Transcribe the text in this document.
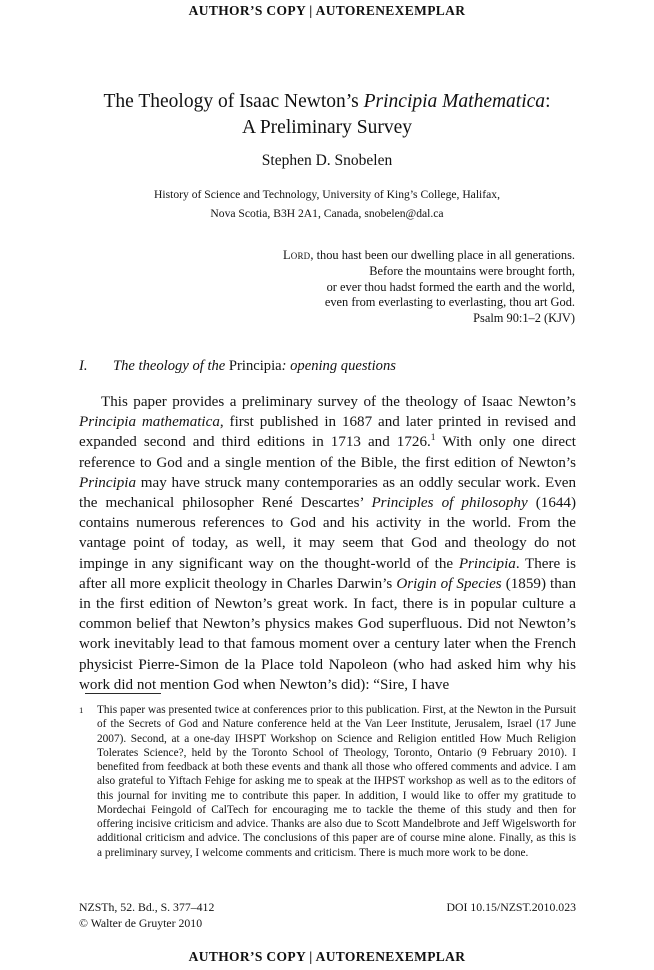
AUTHOR’S COPY | AUTORENEXEMPLAR
The Theology of Isaac Newton’s Principia Mathematica:
A Preliminary Survey
Stephen D. Snobelen
History of Science and Technology, University of King’s College, Halifax,
Nova Scotia, B3H 2A1, Canada, snobelen@dal.ca
Lord, thou hast been our dwelling place in all generations.
Before the mountains were brought forth,
or ever thou hadst formed the earth and the world,
even from everlasting to everlasting, thou art God.
Psalm 90:1–2 (KJV)
I. The theology of the Principia: opening questions
This paper provides a preliminary survey of the theology of Isaac Newton’s Principia mathematica, first published in 1687 and later printed in revised and expanded second and third editions in 1713 and 1726.$^1$ With only one direct reference to God and a single mention of the Bible, the first edition of Newton’s Principia may have struck many contemporaries as an oddly secular work. Even the mechanical philosopher René Descartes’ Principles of philosophy (1644) contains numerous references to God and his activity in the world. From the vantage point of today, as well, it may seem that God and theology do not impinge in any significant way on the thought-world of the Principia. There is after all more explicit theology in Charles Darwin’s Origin of Species (1859) than in the first edition of Newton’s great work. In fact, there is in popular culture a common belief that Newton’s physics makes God superfluous. Did not Newton’s work inevitably lead to that famous moment over a century later when the French physicist Pierre-Simon de la Place told Napoleon (who had asked him why his work did not mention God when Newton’s did): “Sire, I have
1	This paper was presented twice at conferences prior to this publication. First, at the Newton in the Pursuit of the Secrets of God and Nature conference held at the Van Leer Institute, Jerusalem, Israel (17 June 2007). Second, at a one-day IHSPT Workshop on Science and Religion entitled How Much Religion Tolerates Science?, held by the Toronto School of Theology, Toronto, Ontario (9 February 2010). I benefited from feedback at both these events and thank all those who offered comments and advice. I am also grateful to Yiftach Fehige for asking me to speak at the IHPST workshop as well as to the editors of this journal for inviting me to contribute this paper. In addition, I would like to offer my gratitude to Mordechai Feingold of CalTech for encouraging me to tackle the theme of this study and then for offering incisive criticism and advice. Thanks are also due to Scott Mandelbrote and Jeff Wigelsworth for additional criticism and advice. The conclusions of this paper are of course mine alone. Finally, as this is a preliminary survey, I welcome comments and criticism. There is much more work to be done.
NZSTh, 52. Bd., S. 377–412	DOI 10.15/NZST.2010.023
© Walter de Gruyter 2010
AUTHOR’S COPY | AUTORENEXEMPLAR
